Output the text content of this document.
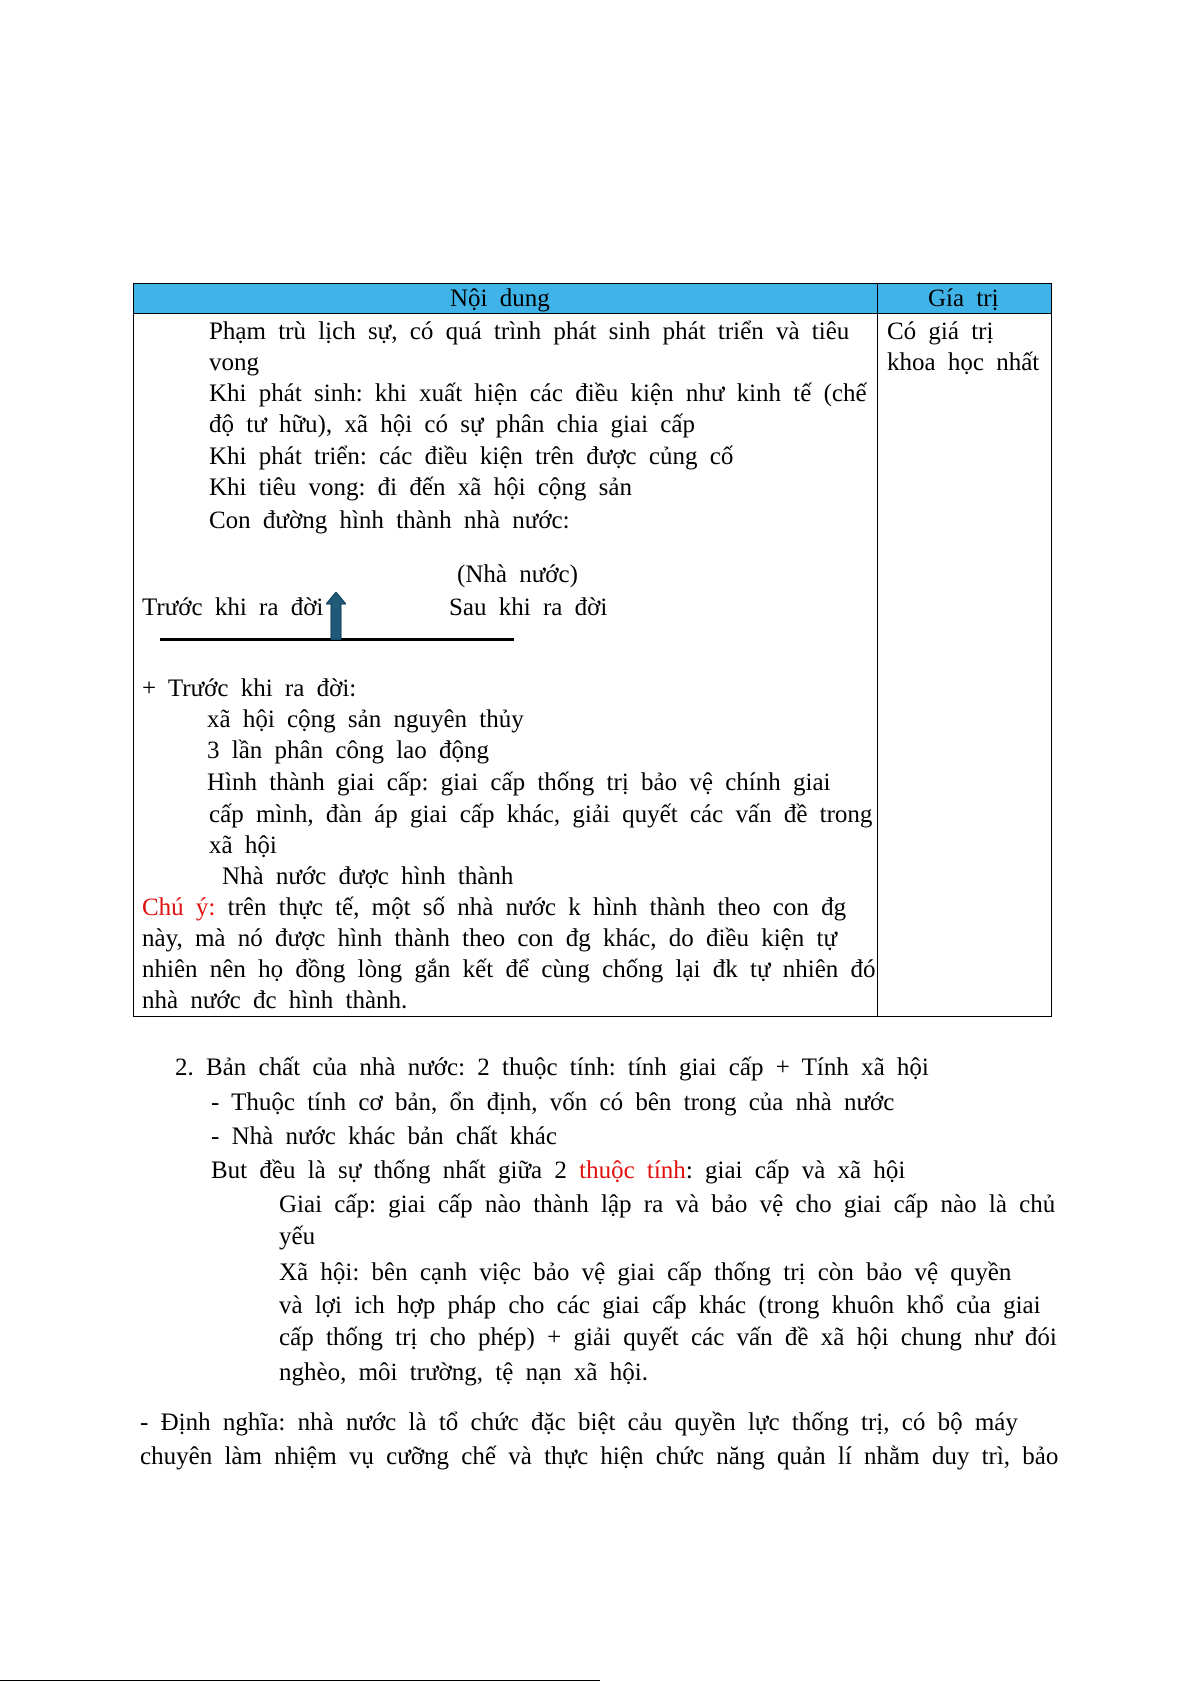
Nội dung	Gía trị
Có giá trị
khoa học nhất
Phạm trù lịch sự, có quá trình phát sinh phát triển và tiêu
vong
Khi phát sinh: khi xuất hiện các điều kiện như kinh tế (chế
độ tư hữu), xã hội có sự phân chia giai cấp
Khi phát triển: các điều kiện trên được củng cố
Khi tiêu vong: đi đến xã hội cộng sản
Con đường hình thành nhà nước:
(Nhà nước)
Trước khi ra đời	Sau khi ra đời
+ Trước khi ra đời:
xã hội cộng sản nguyên thủy
3 lần phân công lao động
Hình thành giai cấp: giai cấp thống trị bảo vệ chính giai
cấp mình, đàn áp giai cấp khác, giải quyết các vấn đề trong
xã hội
Nhà nước được hình thành
Chú ý: trên thực tế, một số nhà nước k hình thành theo con đg
này, mà nó được hình thành theo con đg khác, do điều kiện tự
nhiên nên họ đồng lòng gắn kết để cùng chống lại đk tự nhiên đó
nhà nước đc hình thành.
2. Bản chất của nhà nước: 2 thuộc tính: tính giai cấp + Tính xã hội
- Thuộc tính cơ bản, ổn định, vốn có bên trong của nhà nước
- Nhà nước khác bản chất khác
But đều là sự thống nhất giữa 2 thuộc tính: giai cấp và xã hội
Giai cấp: giai cấp nào thành lập ra và bảo vệ cho giai cấp nào là chủ
yếu
Xã hội: bên cạnh việc bảo vệ giai cấp thống trị còn bảo vệ quyền
và lợi ich hợp pháp cho các giai cấp khác (trong khuôn khổ của giai
cấp thống trị cho phép) + giải quyết các vấn đề xã hội chung như đói
nghèo, môi trường, tệ nạn xã hội.
- Định nghĩa: nhà nước là tổ chức đặc biệt cảu quyền lực thống trị, có bộ máy
chuyên làm nhiệm vụ cưỡng chế và thực hiện chức năng quản lí nhằm duy trì, bảo
